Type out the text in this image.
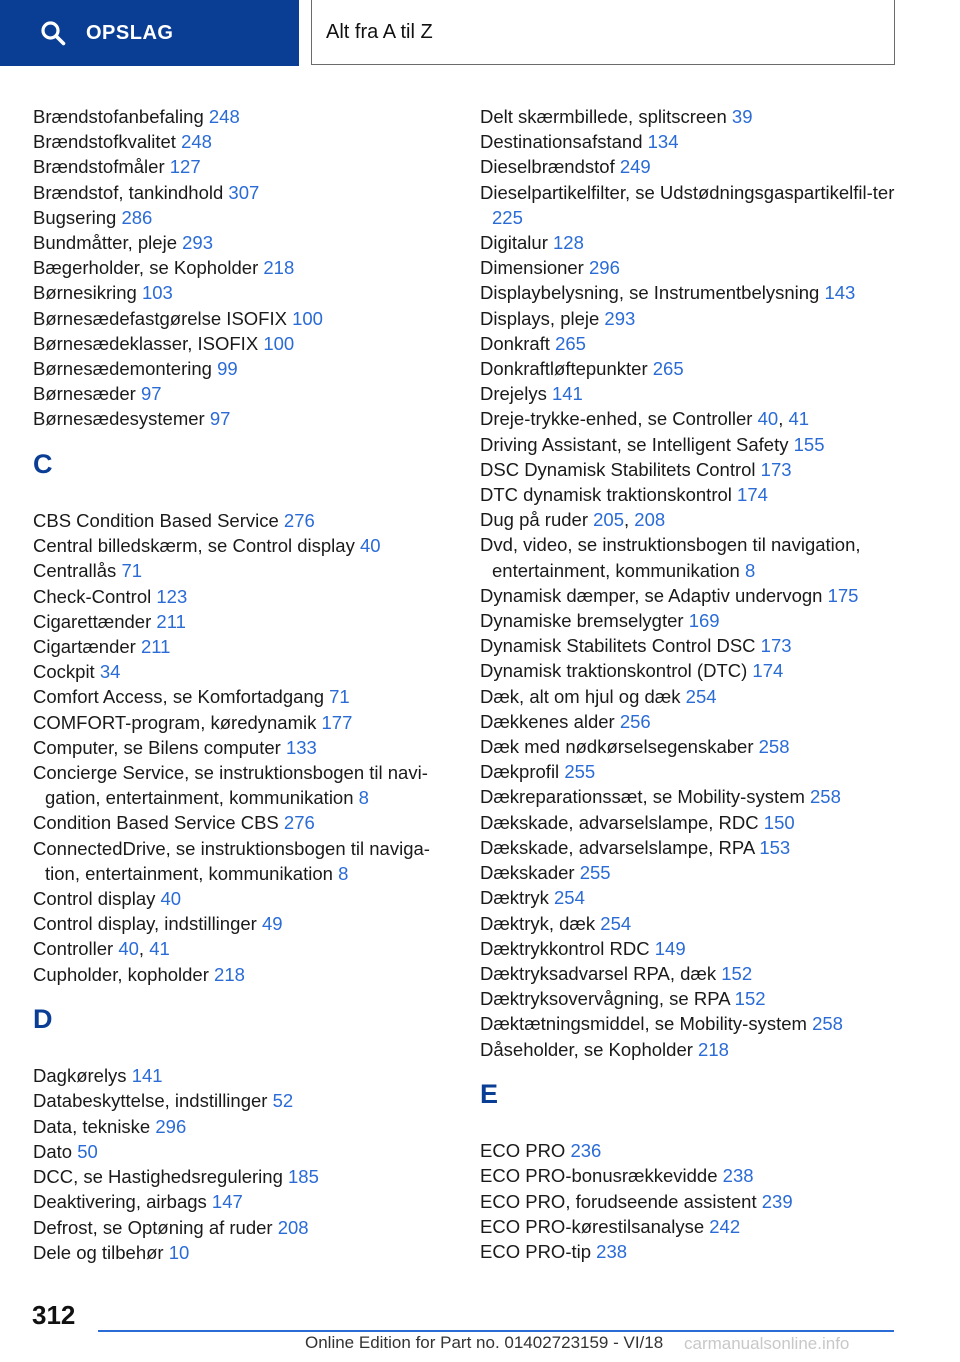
OPSLAG	Alt fra A til Z
Brændstofanbefaling 248
Brændstofkvalitet 248
Brændstofmåler 127
Brændstof, tankindhold 307
Bugsering 286
Bundmåtter, pleje 293
Bægerholder, se Kopholder 218
Børnesikring 103
Børnesædefastgørelse ISOFIX 100
Børnesædeklasser, ISOFIX 100
Børnesædemontering 99
Børnesæder 97
Børnesædesystemer 97
C
CBS Condition Based Service 276
Central billedskærm, se Control display 40
Centrallås 71
Check-Control 123
Cigarettænder 211
Cigartænder 211
Cockpit 34
Comfort Access, se Komfortadgang 71
COMFORT-program, køredynamik 177
Computer, se Bilens computer 133
Concierge Service, se instruktionsbogen til navi-gation, entertainment, kommunikation 8
Condition Based Service CBS 276
ConnectedDrive, se instruktionsbogen til naviga-tion, entertainment, kommunikation 8
Control display 40
Control display, indstillinger 49
Controller 40, 41
Cupholder, kopholder 218
D
Dagkørelys 141
Databeskyttelse, indstillinger 52
Data, tekniske 296
Dato 50
DCC, se Hastighedsregulering 185
Deaktivering, airbags 147
Defrost, se Optøning af ruder 208
Dele og tilbehør 10
Delt skærmbillede, splitscreen 39
Destinationsafstand 134
Dieselbrændstof 249
Dieselpartikelfilter, se Udstødningsgaspartikelfil-ter 225
Digitalur 128
Dimensioner 296
Displaybelysning, se Instrumentbelysning 143
Displays, pleje 293
Donkraft 265
Donkraftløftepunkter 265
Drejelys 141
Dreje-trykke-enhed, se Controller 40, 41
Driving Assistant, se Intelligent Safety 155
DSC Dynamisk Stabilitets Control 173
DTC dynamisk traktionskontrol 174
Dug på ruder 205, 208
Dvd, video, se instruktionsbogen til navigation, entertainment, kommunikation 8
Dynamisk dæmper, se Adaptiv undervogn 175
Dynamiske bremselygter 169
Dynamisk Stabilitets Control DSC 173
Dynamisk traktionskontrol (DTC) 174
Dæk, alt om hjul og dæk 254
Dækkenes alder 256
Dæk med nødkørselsegenskaber 258
Dækprofil 255
Dækreparationssæt, se Mobility-system 258
Dækskade, advarselslampe, RDC 150
Dækskade, advarselslampe, RPA 153
Dækskader 255
Dæktryk 254
Dæktryk, dæk 254
Dæktrykkontrol RDC 149
Dæktryksadvarsel RPA, dæk 152
Dæktryksovervågning, se RPA 152
Dæktætningsmiddel, se Mobility-system 258
Dåseholder, se Kopholder 218
E
ECO PRO 236
ECO PRO-bonusrækkevidde 238
ECO PRO, forudseende assistent 239
ECO PRO-kørestilsanalyse 242
ECO PRO-tip 238
312
Online Edition for Part no. 01402723159 - VI/18 carmanualsonline.info
